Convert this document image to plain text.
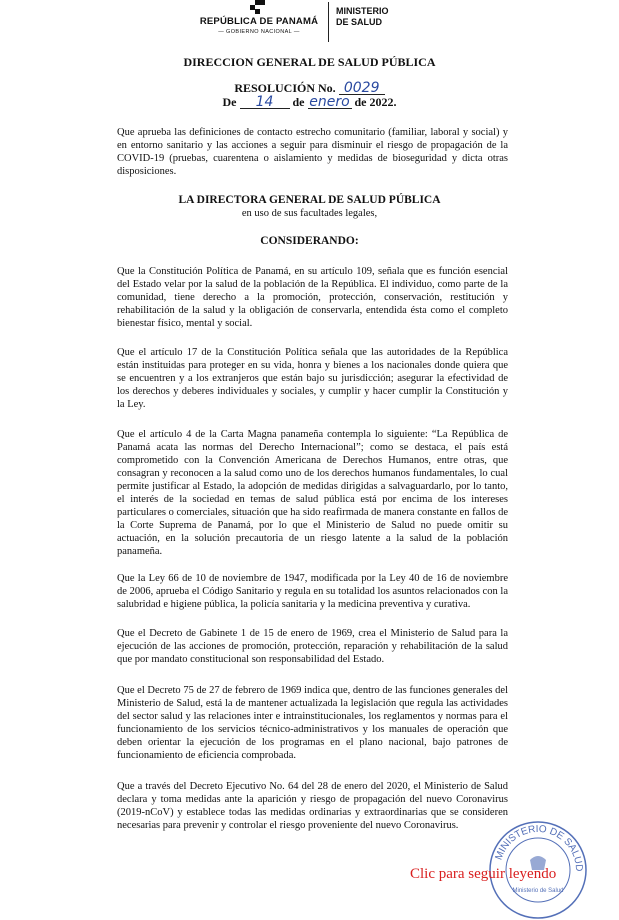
REPÚBLICA DE PANAMÁ
— GOBIERNO NACIONAL —
MINISTERIO
DE SALUD
DIRECCION GENERAL DE SALUD PÚBLICA
RESOLUCIÓN No. 0029
De 14 de enero de 2022.

Que aprueba las definiciones de contacto estrecho comunitario (familiar, laboral y social) y en entorno sanitario y las acciones a seguir para disminuir el riesgo de propagación de la COVID-19 (pruebas, cuarentena o aislamiento y medidas de bioseguridad y dicta otras disposiciones.

LA DIRECTORA GENERAL DE SALUD PÚBLICA
en uso de sus facultades legales,
CONSIDERANDO:

Que la Constitución Política de Panamá, en su artículo 109, señala que es función esencial del Estado velar por la salud de la población de la República. El individuo, como parte de la comunidad, tiene derecho a la promoción, protección, conservación, restitución y rehabilitación de la salud y la obligación de conservarla, entendida ésta como el completo bienestar físico, mental y social.

Que el artículo 17 de la Constitución Política señala que las autoridades de la República están instituidas para proteger en su vida, honra y bienes a los nacionales donde quiera que se encuentren y a los extranjeros que están bajo su jurisdicción; asegurar la efectividad de los derechos y deberes individuales y sociales, y cumplir y hacer cumplir la Constitución y la Ley.

Que el artículo 4 de la Carta Magna panameña contempla lo siguiente: “La República de Panamá acata las normas del Derecho Internacional”; como se destaca, el país está comprometido con la Convención Americana de Derechos Humanos, entre otras, que consagran y reconocen a la salud como uno de los derechos humanos fundamentales, lo cual permite justificar al Estado, la adopción de medidas dirigidas a salvaguardarlo, por lo tanto, el interés de la sociedad en temas de salud pública está por encima de los intereses particulares o comerciales, situación que ha sido reafirmada de manera constante en fallos de la Corte Suprema de Panamá, por lo que el Ministerio de Salud no puede omitir su actuación, en la solución precautoria de un riesgo latente a la salud de la población panameña.

Que la Ley 66 de 10 de noviembre de 1947, modificada por la Ley 40 de 16 de noviembre de 2006, aprueba el Código Sanitario y regula en su totalidad los asuntos relacionados con la salubridad e higiene pública, la policía sanitaria y la medicina preventiva y curativa.

Que el Decreto de Gabinete 1 de 15 de enero de 1969, crea el Ministerio de Salud para la ejecución de las acciones de promoción, protección, reparación y rehabilitación de la salud que por mandato constitucional son responsabilidad del Estado.

Que el Decreto 75 de 27 de febrero de 1969 indica que, dentro de las funciones generales del Ministerio de Salud, está la de mantener actualizada la legislación que regula las actividades del sector salud y las relaciones inter e intrainstitucionales, los reglamentos y normas para el funcionamiento de los servicios técnico-administrativos y los manuales de operación que deben orientar la ejecución de los programas en el plano nacional, bajo patrones de funcionamiento de eficiencia comprobada.

Que a través del Decreto Ejecutivo No. 64 del 28 de enero del 2020, el Ministerio de Salud declara y toma medidas ante la aparición y riesgo de propagación del nuevo Coronavirus (2019-nCoV) y establece todas las medidas ordinarias y extraordinarias que se consideren necesarias para prevenir y controlar el riesgo proveniente del nuevo Coronavirus.

MINISTERIO DE SALUD
Ministerio de Salud
Clic para seguir leyendo
